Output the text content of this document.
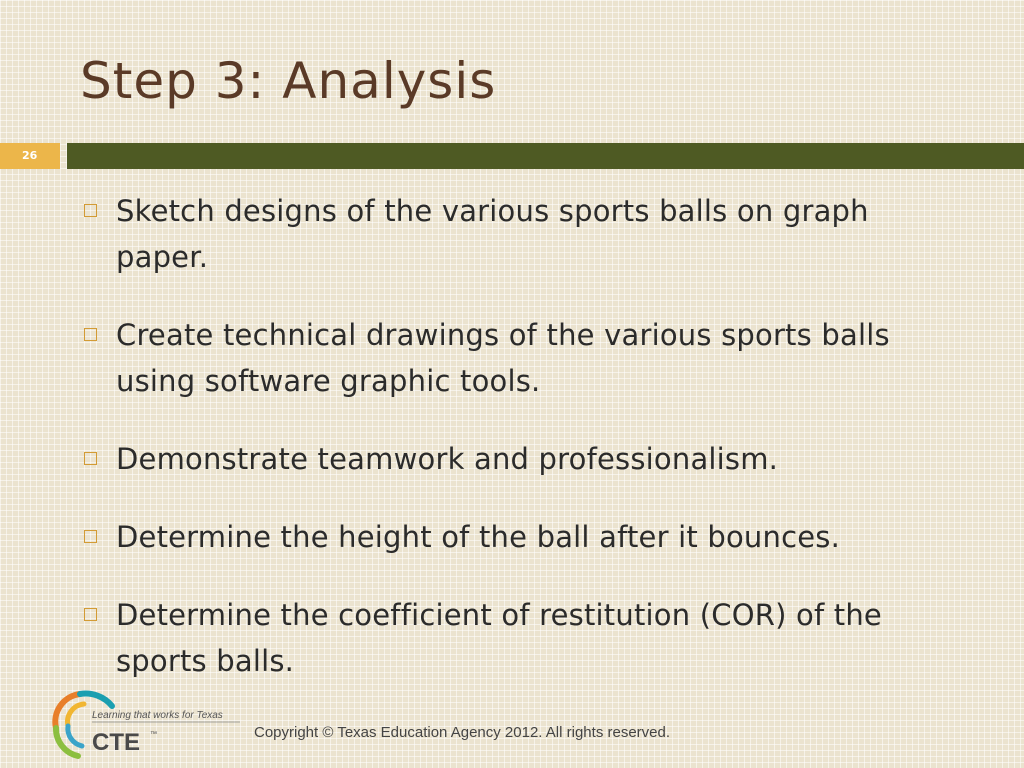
Step 3: Analysis
26
Sketch designs of the various sports balls on graph paper.
Create technical drawings of the various sports balls using software graphic tools.
Demonstrate teamwork and professionalism.
Determine the height of the ball after it bounces.
Determine the coefficient of restitution (COR) of the sports balls.
Learning that works for Texas
CTE ™	Copyright © Texas Education Agency 2012. All rights reserved.
